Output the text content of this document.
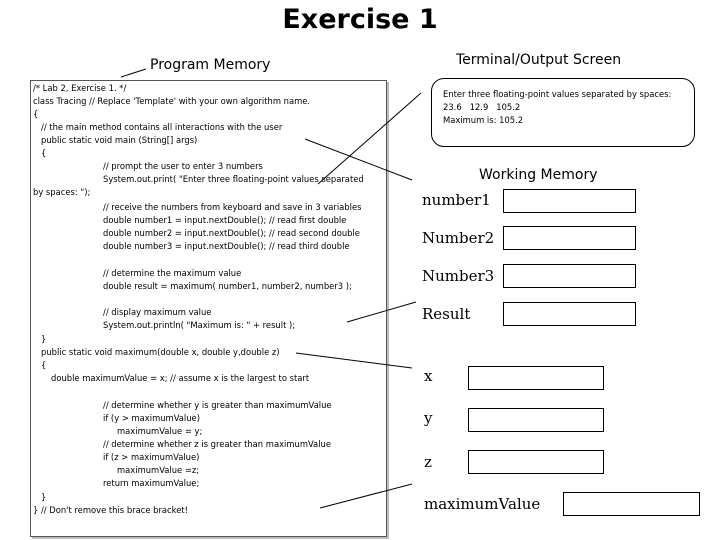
Exercise 1
Program Memory	Terminal/Output Screen
/* Lab 2, Exercise 1. */
class Tracing // Replace 'Template' with your own algorithm name.
{
// the main method contains all interactions with the user
public static void main (String[] args)
{
// prompt the user to enter 3 numbers
System.out.print( "Enter three floating-point values separated
by spaces: ");
// receive the numbers from keyboard and save in 3 variables
double number1 = input.nextDouble(); // read first double
double number2 = input.nextDouble(); // read second double
double number3 = input.nextDouble(); // read third double
// determine the maximum value
double result = maximum( number1, number2, number3 );
// display maximum value
System.out.println( "Maximum is: " + result );
}
public static void maximum(double x, double y,double z)
{
double maximumValue = x; // assume x is the largest to start
// determine whether y is greater than maximumValue
if (y > maximumValue)
maximumValue = y;
// determine whether z is greater than maximumValue
if (z > maximumValue)
maximumValue =z;
return maximumValue;
}
} // Don't remove this brace bracket!
Enter three floating-point values separated by spaces:
23.6   12.9   105.2
Maximum is: 105.2
Working Memory
number1
Number2
Number3
Result
x
y
z
maximumValue
